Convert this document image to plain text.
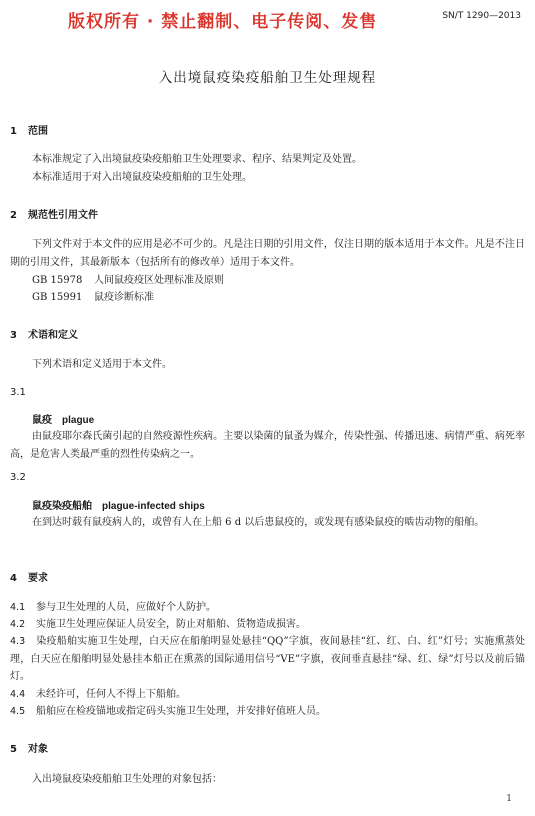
版权所有 · 禁止翻制、电子传阅、发售	SN/T 1290—2013
入出境鼠疫染疫船舶卫生处理规程
1 范围
本标准规定了入出境鼠疫染疫船舶卫生处理要求、程序、结果判定及处置。
本标准适用于对入出境鼠疫染疫船舶的卫生处理。
2 规范性引用文件
下列文件对于本文件的应用是必不可少的。凡是注日期的引用文件，仅注日期的版本适用于本文件。凡是不注日期的引用文件，其最新版本（包括所有的修改单）适用于本文件。
GB 15978 人间鼠疫疫区处理标准及原则
GB 15991 鼠疫诊断标准
3 术语和定义
下列术语和定义适用于本文件。
3.1
鼠疫 plague
由鼠疫耶尔森氏菌引起的自然疫源性疾病。主要以染菌的鼠蚤为媒介，传染性强、传播迅速、病情严重、病死率高，是危害人类最严重的烈性传染病之一。
3.2
鼠疫染疫船舶 plague-infected ships
在到达时载有鼠疫病人的，或曾有人在上船 6 d 以后患鼠疫的，或发现有感染鼠疫的啮齿动物的船舶。
4 要求
4.1 参与卫生处理的人员，应做好个人防护。
4.2 实施卫生处理应保证人员安全，防止对船舶、货物造成损害。
4.3 染疫船舶实施卫生处理，白天应在船舶明显处悬挂“QQ”字旗，夜间悬挂“红、红、白、红”灯号；实施熏蒸处理，白天应在船舶明显处悬挂本船正在熏蒸的国际通用信号“VE”字旗，夜间垂直悬挂“绿、红、绿”灯号以及前后锚灯。
4.4 未经许可，任何人不得上下船舶。
4.5 船舶应在检疫锚地或指定码头实施卫生处理，并安排好值班人员。
5 对象
入出境鼠疫染疫船舶卫生处理的对象包括：
1
